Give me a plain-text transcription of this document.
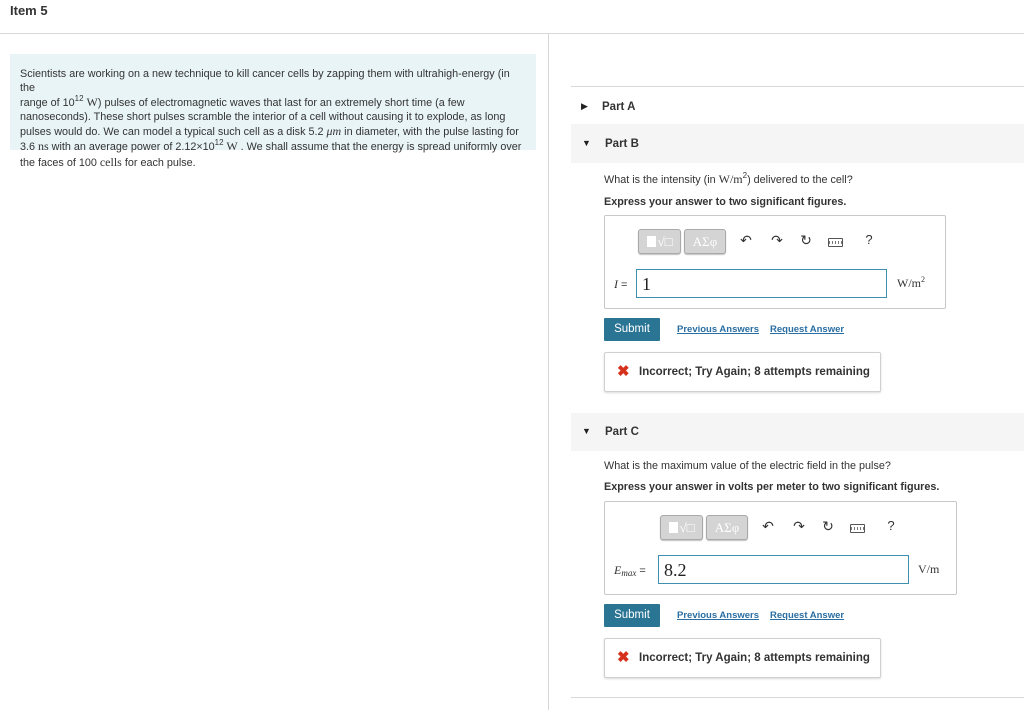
Item 5
Scientists are working on a new technique to kill cancer cells by zapping them with ultrahigh-energy (in the
range of $10^{12}$ W) pulses of electromagnetic waves that last for an extremely short time (a few
nanoseconds). These short pulses scramble the interior of a cell without causing it to explode, as long
pulses would do. We can model a typical such cell as a disk 5.2 μm in diameter, with the pulse lasting for
3.6 ns with an average power of $2.12\times 10^{12}$ W . We shall assume that the energy is spread uniformly over
the faces of 100 cells for each pulse.
▶ Part A
▼ Part B
What is the intensity (in $W/m^2$) delivered to the cell?
Express your answer to two significant figures.
√□	ΑΣφ	↶ ↷ ↻	?
I = 1	$W/m^2$
Submit	Previous Answers Request Answer
✖ Incorrect; Try Again; 8 attempts remaining
▼ Part C
What is the maximum value of the electric field in the pulse?
Express your answer in volts per meter to two significant figures.
√□	ΑΣφ	↶ ↷ ↻	?
Emax =	8.2	V/m
Submit	Previous Answers Request Answer
✖ Incorrect; Try Again; 8 attempts remaining
